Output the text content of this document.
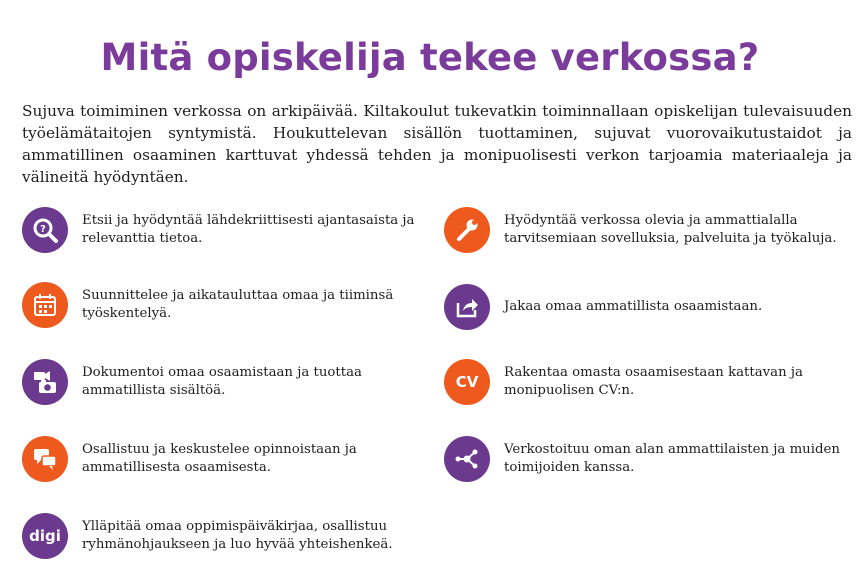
Mitä opiskelija tekee verkossa?

Sujuva toimiminen verkossa on arkipäivää. Kiltakoulut tukevatkin toiminnallaan opiskelijan tulevaisuuden työelämätaitojen syntymistä. Houkuttelevan sisällön tuottaminen, sujuvat vuorovaikutustaidot ja ammatillinen osaaminen karttuvat yhdessä tehden ja monipuolisesti verkon tarjoamia materiaaleja ja välineitä hyödyntäen.

?
Etsii ja hyödyntää lähdekriittisesti ajantasaista ja relevanttia tietoa.
Suunnittelee ja aikatauluttaa omaa ja tiiminsä työskentelyä.
Dokumentoi omaa osaamistaan ja tuottaa ammatillista sisältöä.
Osallistuu ja keskustelee opinnoistaan ja ammatillisesta osaamisesta.
digi
Ylläpitää omaa oppimispäiväkirjaa, osallistuu ryhmänohjaukseen ja luo hyvää yhteishenkeä.
Hyödyntää verkossa olevia ja ammattialalla tarvitsemiaan sovelluksia, palveluita ja työkaluja.
Jakaa omaa ammatillista osaamistaan.
CV
Rakentaa omasta osaamisestaan kattavan ja monipuolisen CV:n.
Verkostoituu oman alan ammattilaisten ja muiden toimijoiden kanssa.
